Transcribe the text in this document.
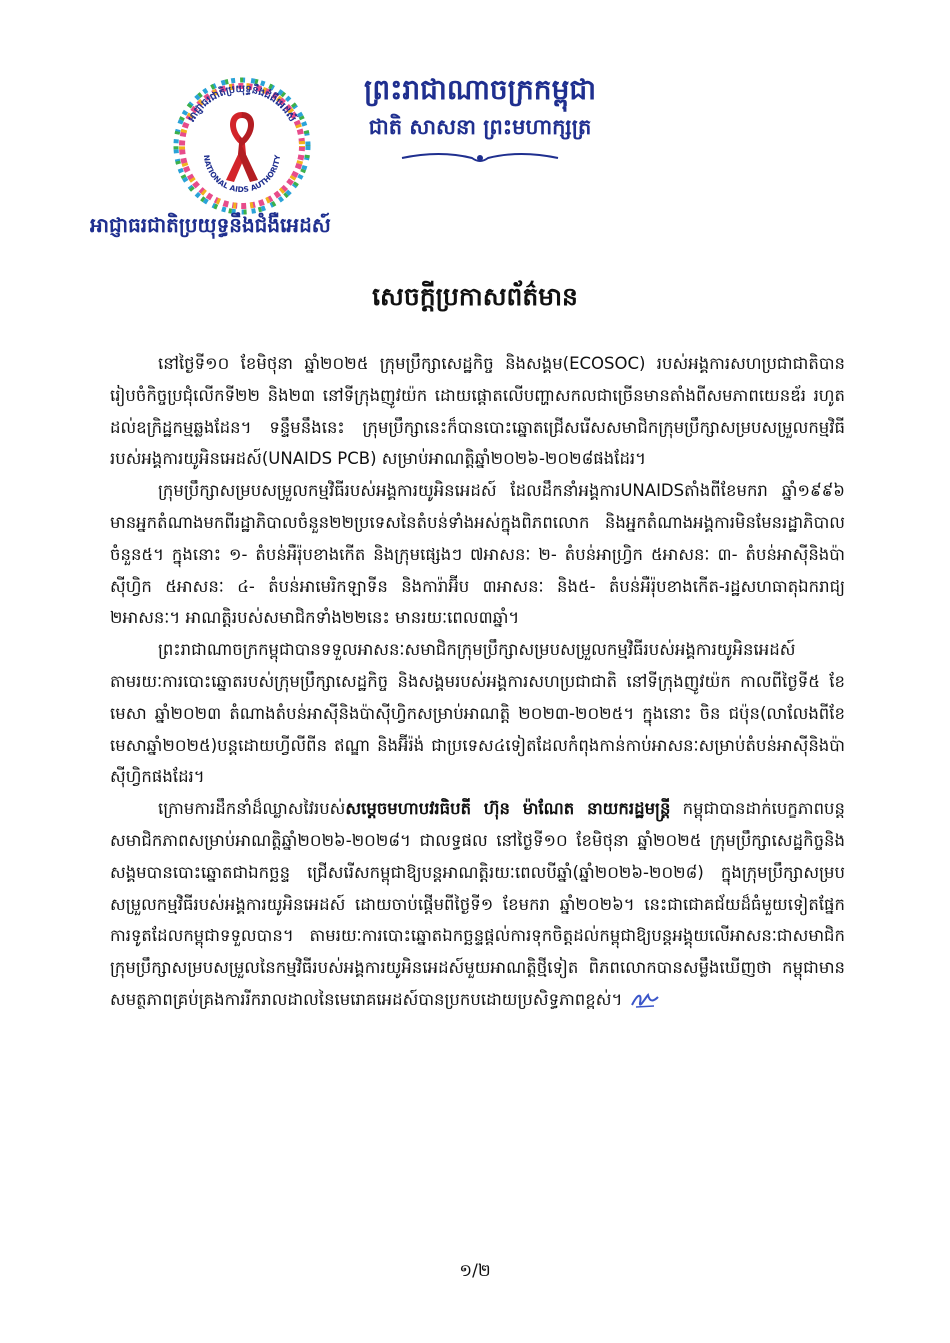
អាជ្ញាធរជាតិប្រយុទ្ធនឹងជំងឺអេដស៍
NATIONAL AIDS AUTHORITY
ព្រះរាជាណាចក្រកម្ពុជា
ជាតិ សាសនា ព្រះមហាក្សត្រ
អាជ្ញាធរជាតិប្រយុទ្ធនឹងជំងឺអេដស៍
សេចក្ដីប្រកាសព័ត៌មាន

នៅថ្ងៃទី១០ ខែមិថុនា ឆ្នាំ២០២៥ ក្រុមប្រឹក្សាសេដ្ឋកិច្ច និងសង្គម(ECOSOC) របស់អង្គការសហប្រជាជាតិបានរៀបចំកិច្ចប្រជុំលើកទី២២ និង២៣ នៅទីក្រុងញូវយ៉ក ដោយផ្ដោតលើបញ្ហាសកលជាច្រើនមានតាំងពីសមភាពយេនឌ័រ រហូតដល់ឧក្រិដ្ឋកម្មឆ្លងដែន។ ទន្ទឹមនឹងនេះ ក្រុមប្រឹក្សានេះក៏បានបោះឆ្នោតជ្រើសរើសសមាជិកក្រុមប្រឹក្សាសម្របសម្រួលកម្មវិធីរបស់អង្គការយូអិនអេដស៍(UNAIDS PCB) សម្រាប់អាណត្តិឆ្នាំ២០២៦-២០២៨ផងដែរ។

ក្រុមប្រឹក្សាសម្របសម្រួលកម្មវិធីរបស់អង្គការយូអិនអេដស៍ ដែលដឹកនាំអង្គការUNAIDSតាំងពីខែមករា ឆ្នាំ១៩៩៦ មានអ្នកតំណាងមកពីរដ្ឋាភិបាលចំនួន២២ប្រទេសនៃតំបន់ទាំងអស់ក្នុងពិភពលោក និងអ្នកតំណាងអង្គការមិនមែនរដ្ឋាភិបាលចំនួន៥។ ក្នុងនោះ ១- តំបន់អឺរ៉ុបខាងកើត និងក្រុមផ្សេងៗ ៧អាសនៈ ២- តំបន់អាហ្វ្រិក ៥អាសនៈ ៣- តំបន់អាស៊ីនិងប៉ាស៊ីហ្វិក ៥អាសនៈ ៤- តំបន់អាមេរិកឡាទីន និងការ៉ាអ៊ីប ៣អាសនៈ និង៥- តំបន់អឺរ៉ុបខាងកើត-រដ្ឋសហធាតុឯករាជ្យ ២អាសនៈ។ អាណត្តិរបស់សមាជិកទាំង២២នេះ មានរយៈពេល៣ឆ្នាំ។

ព្រះរាជាណាចក្រកម្ពុជាបានទទួលអាសនៈសមាជិកក្រុមប្រឹក្សាសម្របសម្រួលកម្មវិធីរបស់អង្គការយូអិនអេដស៍ តាមរយៈការបោះឆ្នោតរបស់ក្រុមប្រឹក្សាសេដ្ឋកិច្ច និងសង្គមរបស់អង្គការសហប្រជាជាតិ នៅទីក្រុងញូវយ៉ក កាលពីថ្ងៃទី៥ ខែមេសា ឆ្នាំ២០២៣ តំណាងតំបន់អាស៊ីនិងប៉ាស៊ីហ្វិកសម្រាប់អាណត្តិ ២០២៣-២០២៥។ ក្នុងនោះ ចិន ជប៉ុន(លាលែងពីខែមេសាឆ្នាំ២០២៥)បន្តដោយហ្វីលីពីន ឥណ្ឌា និងអ៊ីរ៉ង់ ជាប្រទេស៤ទៀតដែលកំពុងកាន់កាប់អាសនៈសម្រាប់តំបន់អាស៊ីនិងប៉ាស៊ីហ្វិកផងដែរ។

ក្រោមការដឹកនាំដ៏ឈ្លាសវៃរបស់សម្ដេចមហាបវរធិបតី ហ៊ុន ម៉ាណែត នាយករដ្ឋមន្ត្រី កម្ពុជាបានដាក់បេក្ខភាពបន្តសមាជិកភាពសម្រាប់អាណត្តិឆ្នាំ២០២៦-២០២៨។ ជាលទ្ធផល នៅថ្ងៃទី១០ ខែមិថុនា ឆ្នាំ២០២៥ ក្រុមប្រឹក្សាសេដ្ឋកិច្ចនិងសង្គមបានបោះឆ្នោតជាឯកច្ឆន្ទ ជ្រើសរើសកម្ពុជាឱ្យបន្តអាណត្តិរយៈពេលបីឆ្នាំ(ឆ្នាំ២០២៦-២០២៨) ក្នុងក្រុមប្រឹក្សាសម្របសម្រួលកម្មវិធីរបស់អង្គការយូអិនអេដស៍ ដោយចាប់ផ្ដើមពីថ្ងៃទី១ ខែមករា ឆ្នាំ២០២៦។ នេះជាជោគជ័យដ៏ធំមួយទៀតផ្នែកការទូតដែលកម្ពុជាទទួលបាន។ តាមរយៈការបោះឆ្នោតឯកច្ឆន្ទផ្ដល់ការទុកចិត្តដល់កម្ពុជាឱ្យបន្តអង្គុយលើអាសនៈជាសមាជិកក្រុមប្រឹក្សាសម្របសម្រួលនៃកម្មវិធីរបស់អង្គការយូអិនអេដស៍មួយអាណត្តិថ្មីទៀត ពិភពលោកបានសម្លឹងឃើញថា កម្ពុជាមានសមត្ថភាពគ្រប់គ្រងការរីករាលដាលនៃមេរោគអេដស៍បានប្រកបដោយប្រសិទ្ធភាពខ្ពស់។

១/២
